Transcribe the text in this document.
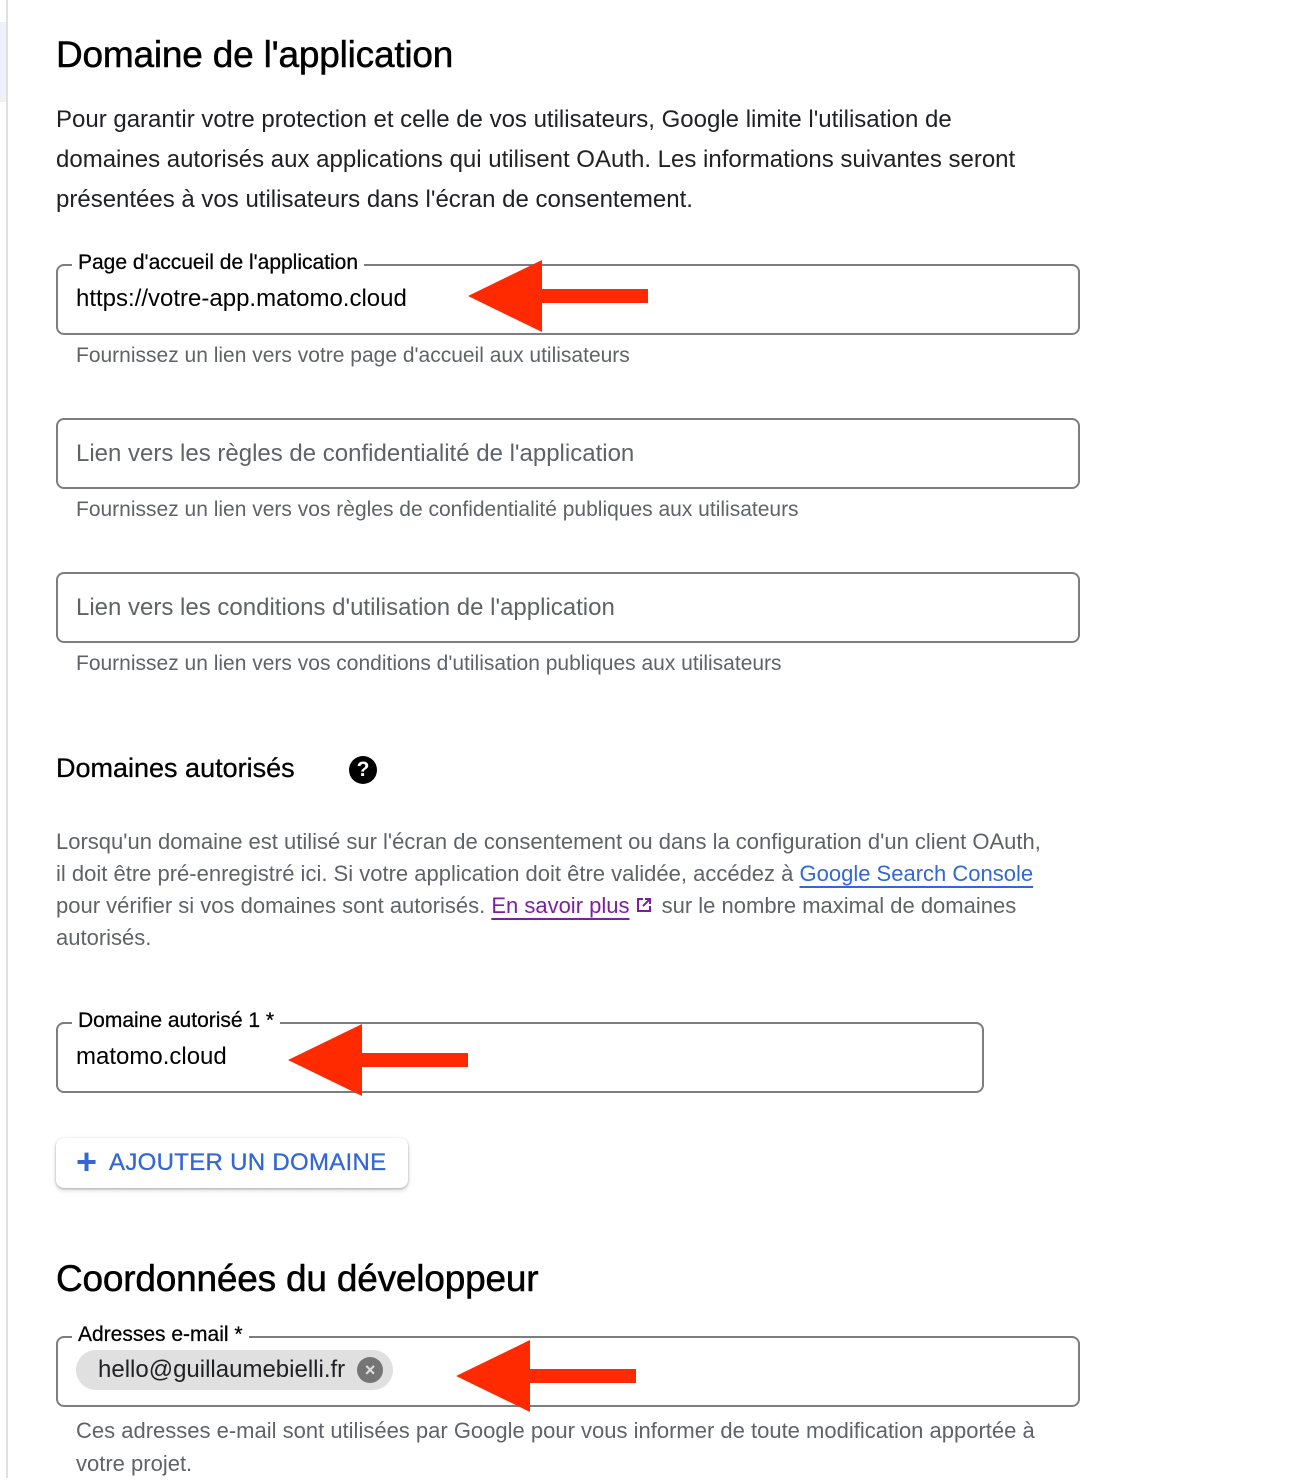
Domaine de l'application
Pour garantir votre protection et celle de vos utilisateurs, Google limite l'utilisation de domaines autorisés aux applications qui utilisent OAuth. Les informations suivantes seront présentées à vos utilisateurs dans l'écran de consentement.
Page d'accueil de l'application
https://votre-app.matomo.cloud
Fournissez un lien vers votre page d'accueil aux utilisateurs
Lien vers les règles de confidentialité de l'application
Fournissez un lien vers vos règles de confidentialité publiques aux utilisateurs
Lien vers les conditions d'utilisation de l'application
Fournissez un lien vers vos conditions d'utilisation publiques aux utilisateurs
Domaines autorisés	?
Lorsqu'un domaine est utilisé sur l'écran de consentement ou dans la configuration d'un client OAuth, il doit être pré-enregistré ici. Si votre application doit être validée, accédez à Google Search Console pour vérifier si vos domaines sont autorisés. En savoir plus sur le nombre maximal de domaines autorisés.
Domaine autorisé 1 *
matomo.cloud
+ AJOUTER UN DOMAINE
Coordonnées du développeur
Adresses e-mail *
hello@guillaumebielli.fr	×
Ces adresses e-mail sont utilisées par Google pour vous informer de toute modification apportée à votre projet.
